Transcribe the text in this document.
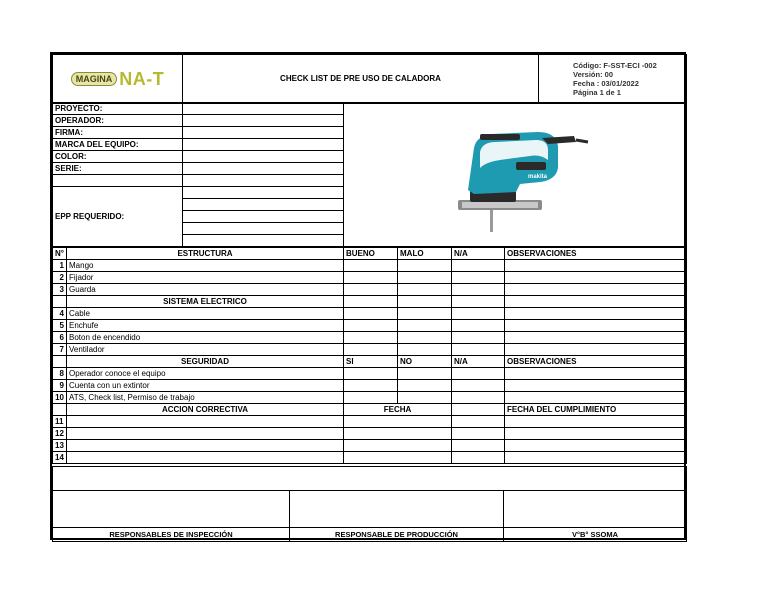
MAGINA NA-T	CHECK LIST DE PRE USO DE CALADORA	
Código: F-SST-ECI -002
Versión: 00
Fecha : 03/01/2022
Página 1 de 1
PROYECTO:		makita

OPERADOR:		
FIRMA:		
MARCA DEL EQUIPO:		
COLOR:		
SERIE:		

EPP REQUERIDO:		

N°	ESTRUCTURA	BUENO	MALO	N/A	OBSERVACIONES
1	Mango				
2	Fijador				
3	Guarda				
	SISTEMA ELECTRICO				
4	Cable				
5	Enchufe				
6	Boton de encendido				
7	Ventilador				
	SEGURIDAD	SI	NO	N/A	OBSERVACIONES
8	Operador conoce el equipo				
9	Cuenta con un extintor				
10	ATS, Check list, Permiso de trabajo				
	ACCION CORRECTIVA	FECHA			FECHA DEL CUMPLIMIENTO
11					
12					
13					
14					

RESPONSABLES DE INSPECCIÓN	RESPONSABLE DE PRODUCCIÓN	V°B° SSOMA
